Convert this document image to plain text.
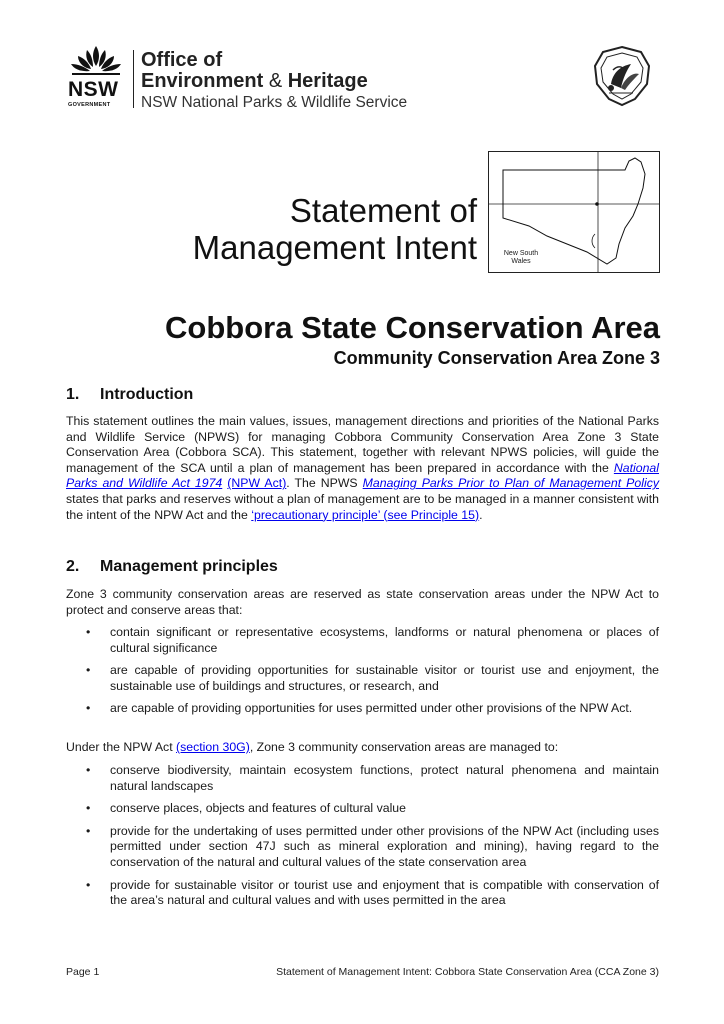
NSW
GOVERNMENT
Office of
Environment & Heritage
NSW National Parks & Wildlife Service
New South
Wales
Statement of
Management Intent
Cobbora State Conservation Area
Community Conservation Area Zone 3
1. Introduction

This statement outlines the main values, issues, management directions and priorities of the National Parks and Wildlife Service (NPWS) for managing Cobbora Community Conservation Area Zone 3 State Conservation Area (Cobbora SCA). This statement, together with relevant NPWS policies, will guide the management of the SCA until a plan of management has been prepared in accordance with the National Parks and Wildlife Act 1974 (NPW Act). The NPWS Managing Parks Prior to Plan of Management Policy states that parks and reserves without a plan of management are to be managed in a manner consistent with the intent of the NPW Act and the ‘precautionary principle’ (see Principle 15).

2. Management principles

Zone 3 community conservation areas are reserved as state conservation areas under the NPW Act to protect and conserve areas that:

• contain significant or representative ecosystems, landforms or natural phenomena or places of cultural significance
• are capable of providing opportunities for sustainable visitor or tourist use and enjoyment, the sustainable use of buildings and structures, or research, and
• are capable of providing opportunities for uses permitted under other provisions of the NPW Act.

Under the NPW Act (section 30G), Zone 3 community conservation areas are managed to:

• conserve biodiversity, maintain ecosystem functions, protect natural phenomena and maintain natural landscapes
• conserve places, objects and features of cultural value
• provide for the undertaking of uses permitted under other provisions of the NPW Act (including uses permitted under section 47J such as mineral exploration and mining), having regard to the conservation of the natural and cultural values of the state conservation area
• provide for sustainable visitor or tourist use and enjoyment that is compatible with conservation of the area’s natural and cultural values and with uses permitted in the area
Page 1	Statement of Management Intent: Cobbora State Conservation Area (CCA Zone 3)
